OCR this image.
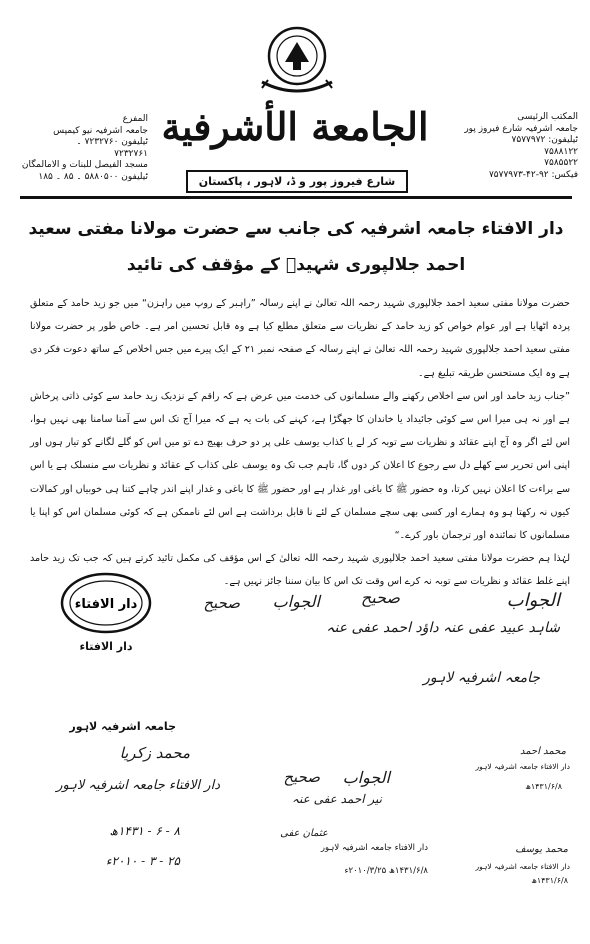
المفرع
جامعہ اشرفیہ نیو کیمپس
ٹیلیفون ۷۲۳۲۷۶۰ ۔
۷۲۳۲۷۶۱
مسجد الفیصل للبنات و الامالمگان
ٹیلیفون ۵۸۸۰۵۰۰ ۔ ۸۵ ۔ ۱۸۵
الجامعة الأشرفية	المکتب الرئیسی
جامعہ اشرفیہ شارع فیروز پور
ٹیلیفون: ۷۵۷۷۹۷۲
۷۵۸۸۱۲۲
۷۵۸۵۵۲۲
فیکس: ۹۲-۴۲-۷۵۷۷۹۷۳
شارع فيروز پور و ڈ، لاہور ، پاکستان
دار الافتاء جامعہ اشرفیہ کی جانب سے حضرت مولانا مفتی سعید
احمد جلالپوری شہیدؒ کے مؤقف کی تائید

حضرت مولانا مفتی سعید احمد جلالپوری شہید رحمہ اللہ تعالیٰ نے اپنے رسالہ ”راہبر کے روپ میں راہزن“ میں جو زید حامد کے متعلق پردہ اٹھایا ہے اور عوام خواص کو زید حامد کے نظریات سے متعلق مطلع کیا ہے وہ قابل تحسین امر ہے۔ خاص طور پر حضرت مولانا مفتی سعید احمد جلالپوری شہید رحمہ اللہ تعالیٰ نے اپنے رسالہ کے صفحہ نمبر ۲۱ کے ایک پیرے میں جس اخلاص کے ساتھ دعوت فکر دی ہے وہ ایک مستحسن طریقہ تبلیغ ہے۔

”جناب زید حامد اور اس سے اخلاص رکھنے والے مسلمانوں کی خدمت میں عرض ہے کہ راقم کے نزدیک زید حامد سے کوئی ذاتی پرخاش ہے اور نہ ہی میرا اس سے کوئی جائیداد یا خاندان کا جھگڑا ہے، کہنے کی بات یہ ہے کہ میرا آج تک اس سے آمنا سامنا بھی نہیں ہوا، اس لئے اگر وہ آج اپنے عقائد و نظریات سے توبہ کر لے یا کذاب یوسف علی پر دو حرف بھیج دے تو میں اس کو گلے لگانے کو تیار ہوں اور اپنی اس تحریر سے کھلے دل سے رجوع کا اعلان کر دوں گا، تاہم جب تک وہ یوسف علی کذاب کے عقائد و نظریات سے منسلک ہے یا اس سے براءت کا اعلان نہیں کرتا، وہ حضور ﷺ کا باغی اور غدار ہے اور حضور ﷺ کا باغی و غدار اپنے اندر چاہے کتنا ہی خوبیاں اور کمالات کیوں نہ رکھتا ہو وہ ہمارے اور کسی بھی سچے مسلمان کے لئے نا قابل برداشت ہے اس لئے ناممکن ہے کہ کوئی مسلمان اس کو اپنا یا مسلمانوں کا نمائندہ اور ترجمان باور کرے۔“

لہٰذا ہم حضرت مولانا مفتی سعید احمد جلالپوری شہید رحمہ اللہ تعالیٰ کے اس مؤقف کی مکمل تائید کرتے ہیں کہ جب تک زید حامد اپنے غلط عقائد و نظریات سے توبہ نہ کرے اس وقت تک اس کا بیان سننا جائز نہیں ہے۔

دار الافتاء
دار الافتاء
الجواب
صحیح
الجواب
صحیح
شاہد عبید عفی عنہ داؤد احمد عفی عنہ
جامعہ اشرفیہ لاہور
جامعہ اشرفیہ لاہور
محمد زکریا
دار الافتاء جامعہ اشرفیہ لاہور
۸ - ۶ - ۱۴۳۱ھ
۲۵ - ۳ - ۲۰۱۰ء
الجواب
صحیح
نیر احمد عفی عنہ
عثمان عفی
دار الافتاء جامعہ اشرفیہ لاہور
۱۴۳۱/۶/۸ھ ۲۰۱۰/۳/۲۵ء
محمد احمد
دار الافتاء جامعہ اشرفیہ لاہور
۱۴۳۱/۶/۸ھ
محمد یوسف
دار الافتاء جامعہ اشرفیہ لاہور
۱۴۳۱/۶/۸ھ
